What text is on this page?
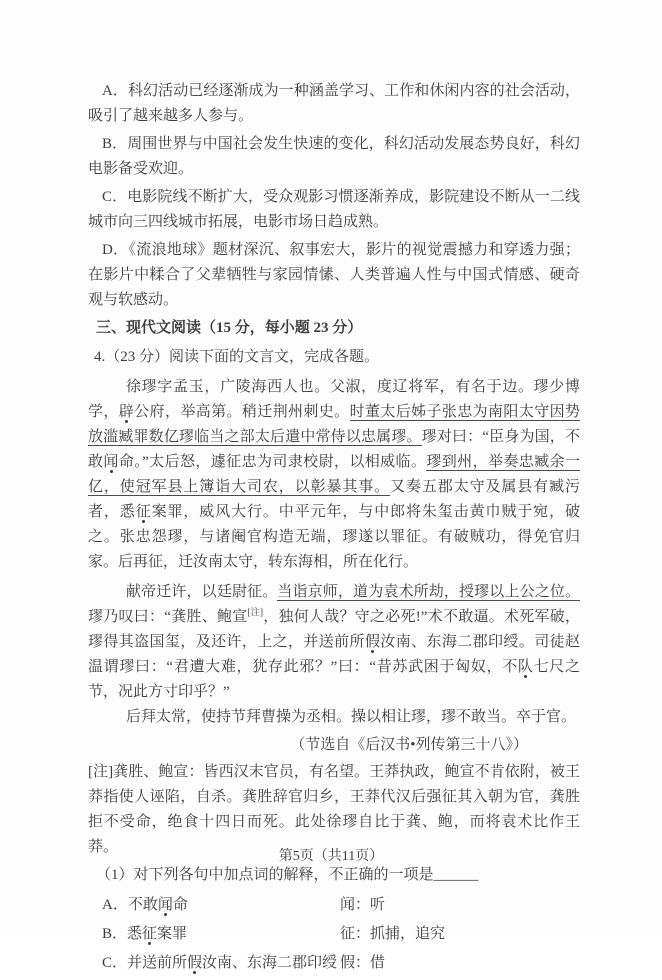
A．科幻活动已经逐渐成为一种涵盖学习、工作和休闲内容的社会活动，吸引了越来越多人参与。
B．周围世界与中国社会发生快速的变化，科幻活动发展态势良好，科幻电影备受欢迎。
C．电影院线不断扩大，受众观影习惯逐渐养成，影院建设不断从一二线城市向三四线城市拓展，电影市场日趋成熟。
D．《流浪地球》题材深沉、叙事宏大，影片的视觉震撼力和穿透力强；在影片中糅合了父辈牺牲与家园情愫、人类普遍人性与中国式情感、硬奇观与软感动。
三、现代文阅读（15 分，每小题 23 分）
4.（23 分）阅读下面的文言文，完成各题。
徐璆字孟玉，广陵海西人也。父淑，度辽将军，有名于边。璆少博学，辟公府，举高第。稍迁荆州刺史。时董太后姊子张忠为南阳太守因势放滥臧罪数亿璆临当之部太后遣中常侍以忠属璆。璆对曰：“臣身为国，不敢闻命。”太后怒，遽征忠为司隶校尉，以相威临。璆到州，举奏忠臧余一亿，使冠军县上簿诣大司农，以彰暴其事。又奏五郡太守及属县有臧污者，悉征案罪，威风大行。中平元年，与中郎将朱玺击黄巾贼于宛，破之。张忠怨璆，与诸阉官构造无端，璆遂以罪征。有破贼功，得免官归家。后再征，迁汝南太守，转东海相，所在化行。
献帝迁许，以廷尉征。当诣京师，道为袁术所劫，授璆以上公之位。璆乃叹曰：“龚胜、鲍宣[注]，独何人哉？守之必死!”术不敢逼。术死军破，璆得其盗国玺，及还许，上之，并送前所假汝南、东海二郡印绶。司徒赵温谓璆曰：“君遭大难，犹存此邪？”曰：“昔苏武困于匈奴，不队七尺之节，况此方寸印乎？”
后拜太常，使持节拜曹操为丞相。操以相让璆，璆不敢当。卒于官。
（节选自《后汉书•列传第三十八》）
[注]龚胜、鲍宣：皆西汉末官员，有名望。王莽执政，鲍宣不肯依附，被王莽指使人诬陷，自杀。龚胜辞官归乡，王莽代汉后强征其入朝为官，龚胜拒不受命，绝食十四日而死。此处徐璆自比于龚、鲍，而将袁术比作王莽。
（1）对下列各句中加点词的解释，不正确的一项是______
A．不敢闻命	闻：听
B．悉征案罪	征：抓捕，追究
C．并送前所假汝南、东海二郡印绶 假：借
第5页（共11页）
